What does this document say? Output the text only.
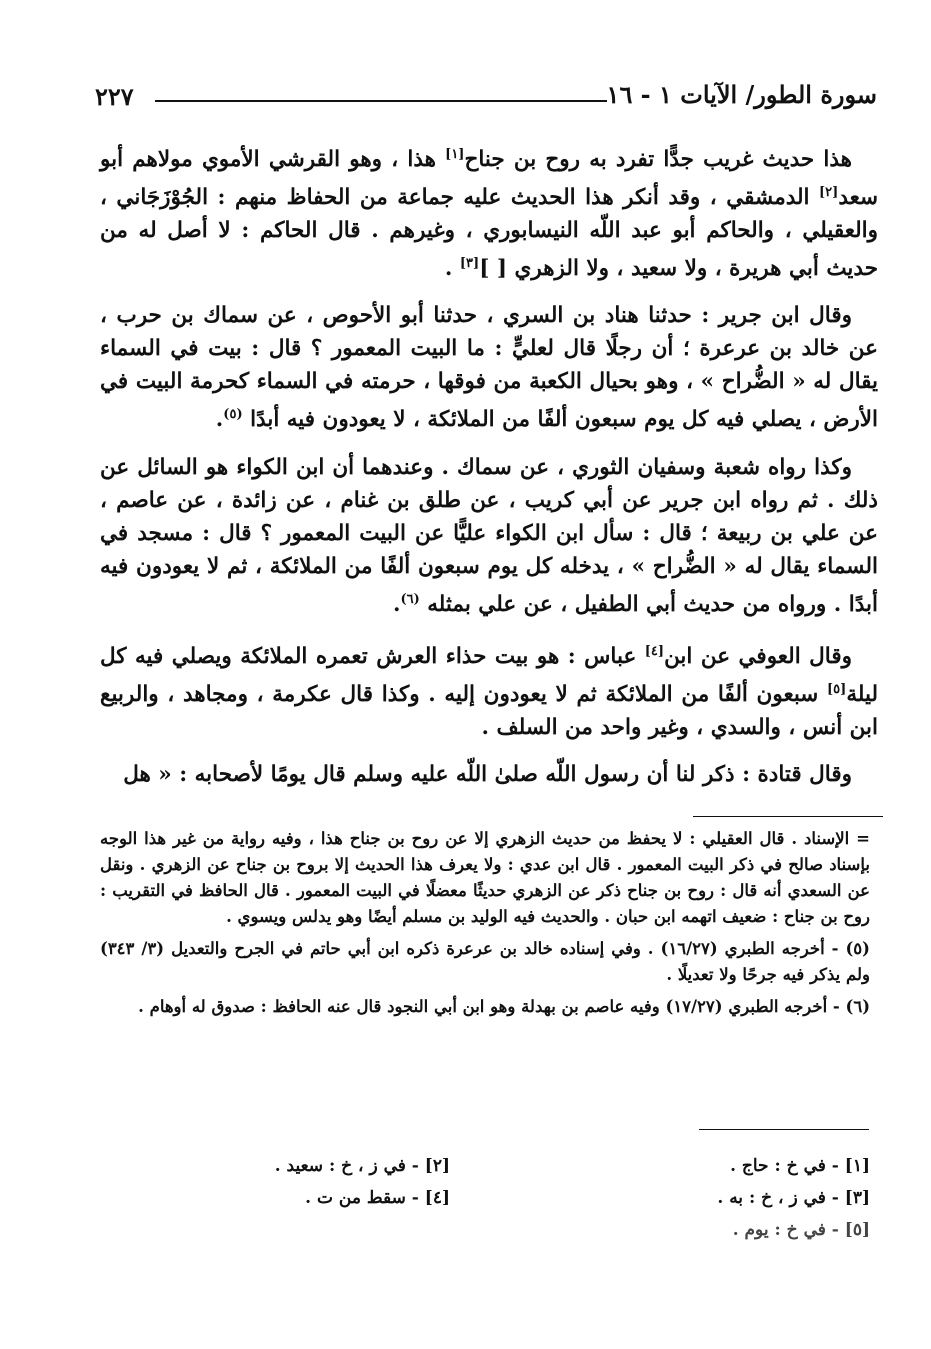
٢٢٧	سورة الطور/ الآيات ١ - ١٦

هذا حديث غريب جدًّا تفرد به روح بن جناح[١] هذا ، وهو القرشي الأموي مولاهم أبو سعد[٢] الدمشقي ، وقد أنكر هذا الحديث عليه جماعة من الحفاظ منهم : الجُوْزَجَاني ، والعقيلي ، والحاكم أبو عبد اللّه النيسابوري ، وغيرهم . قال الحاكم : لا أصل له من حديث أبي هريرة ، ولا سعيد ، ولا الزهري [ ][٣] .

وقال ابن جرير : حدثنا هناد بن السري ، حدثنا أبو الأحوص ، عن سماك بن حرب ، عن خالد بن عرعرة ؛ أن رجلًا قال لعليٍّ : ما البيت المعمور ؟ قال : بيت في السماء يقال له « الضُّراح » ، وهو بحيال الكعبة من فوقها ، حرمته في السماء كحرمة البيت في الأرض ، يصلي فيه كل يوم سبعون ألفًا من الملائكة ، لا يعودون فيه أبدًا $^{(٥)}$.

وكذا رواه شعبة وسفيان الثوري ، عن سماك . وعندهما أن ابن الكواء هو السائل عن ذلك . ثم رواه ابن جرير عن أبي كريب ، عن طلق بن غنام ، عن زائدة ، عن عاصم ، عن علي بن ربيعة ؛ قال : سأل ابن الكواء عليًّا عن البيت المعمور ؟ قال : مسجد في السماء يقال له « الضُّراح » ، يدخله كل يوم سبعون ألفًا من الملائكة ، ثم لا يعودون فيه أبدًا . ورواه من حديث أبي الطفيل ، عن علي بمثله $^{(٦)}$.

وقال العوفي عن ابن[٤] عباس : هو بيت حذاء العرش تعمره الملائكة ويصلي فيه كل ليلة[٥] سبعون ألفًا من الملائكة ثم لا يعودون إليه . وكذا قال عكرمة ، ومجاهد ، والربيع ابن أنس ، والسدي ، وغير واحد من السلف .

وقال قتادة : ذكر لنا أن رسول اللّه صلىٰ اللّه عليه وسلم قال يومًا لأصحابه : « هل

= الإسناد . قال العقيلي : لا يحفظ من حديث الزهري إلا عن روح بن جناح هذا ، وفيه رواية من غير هذا الوجه بإسناد صالح في ذكر البيت المعمور . قال ابن عدي : ولا يعرف هذا الحديث إلا بروح بن جناح عن الزهري . ونقل عن السعدي أنه قال : روح بن جناح ذكر عن الزهري حديثًا معضلًا في البيت المعمور . قال الحافظ في التقريب : روح بن جناح : ضعيف اتهمه ابن حبان . والحديث فيه الوليد بن مسلم أيضًا وهو يدلس ويسوي .

(٥) - أخرجه الطبري (١٦/٢٧) . وفي إسناده خالد بن عرعرة ذكره ابن أبي حاتم في الجرح والتعديل (٣/ ٣٤٣) ولم يذكر فيه جرحًا ولا تعديلًا .

(٦) - أخرجه الطبري (١٧/٢٧) وفيه عاصم بن بهدلة وهو ابن أبي النجود قال عنه الحافظ : صدوق له أوهام .

[١] - في خ : حاج .
[٢] - في ز ، خ : سعيد .
[٣] - في ز ، خ : به .
[٤] - سقط من ت .
[٥] - في خ : يوم .
